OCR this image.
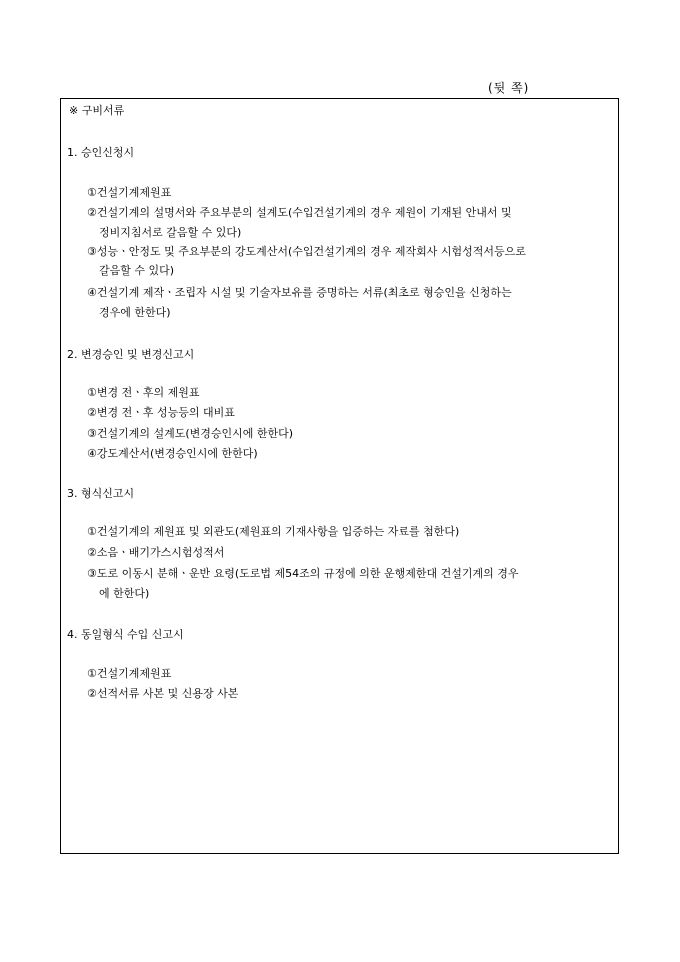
(뒷 쪽)
※ 구비서류
1. 승인신청시
①건설기계제원표
②건설기계의 설명서와 주요부분의 설계도(수입건설기계의 경우 제원이 기재된 안내서 및
정비지침서로 갈음할 수 있다)
③성능ㆍ안정도 및 주요부분의 강도계산서(수입건설기계의 경우 제작회사 시험성적서등으로
갈음할 수 있다)
④건설기계 제작ㆍ조립자 시설 및 기술자보유를 증명하는 서류(최초로 형승인을 신청하는
경우에 한한다)
2. 변경승인 및 변경신고시
①변경 전ㆍ후의 제원표
②변경 전ㆍ후 성능등의 대비표
③건설기계의 설계도(변경승인시에 한한다)
④강도계산서(변경승인시에 한한다)
3. 형식신고시
①건설기계의 제원표 및 외관도(제원표의 기재사항을 입증하는 자료를 첨한다)
②소음ㆍ배기가스시험성적서
③도로 이동시 분해ㆍ운반 요령(도로법 제54조의 규정에 의한 운행제한대 건설기계의 경우
에 한한다)
4. 동일형식 수입 신고시
①건설기계제원표
②선적서류 사본 및 신용장 사본
